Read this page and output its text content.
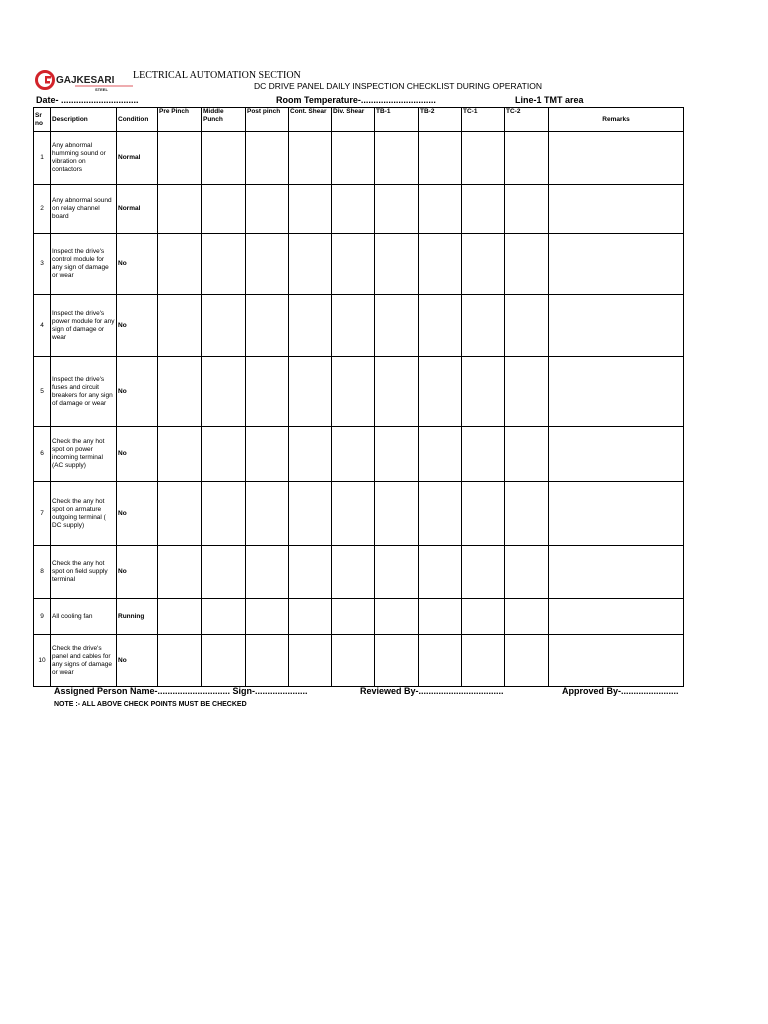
GAJKESARI
STEEL
LECTRICAL AUTOMATION SECTION
DC DRIVE PANEL DAILY INSPECTION CHECKLIST DURING OPERATION
Date- ...............................	Room Temperature-..............................	Line-1 TMT area
Sr no	Description	Condition	Pre Pinch	Middle Punch	Post pinch	Cont. Shear	Div. Shear	TB-1	TB-2	TC-1	TC-2	Remarks
1	Any abnormal humming sound or vibration on contactors	Normal										
2	Any abnormal sound on relay channel board	Normal										
3	Inspect the drive's control module for any sign of damage or wear	No										
4	Inspect the drive's power module for any sign of damage or wear	No										
5	Inspect the drive's fuses and circuit breakers for any sign of damage or wear	No										
6	Check the any hot spot on power incoming terminal (AC supply)	No										
7	Check the any hot spot on armature outgoing terminal ( DC supply)	No										
8	Check the any hot spot on field supply terminal	No										
9	All cooling fan	Running										
10	Check the drive's panel and cables for any signs of damage or wear	No										
Assigned Person Name-............................. Sign-.....................	Reviewed By-..................................	Approved By-.......................
NOTE :- ALL ABOVE CHECK POINTS MUST BE CHECKED
